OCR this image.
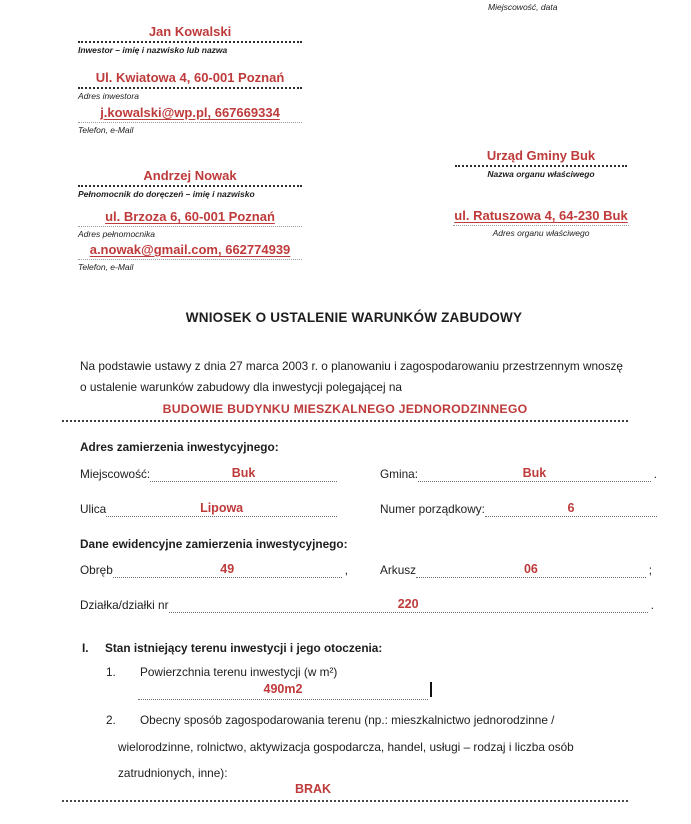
Miejscowość, data
Jan Kowalski
Inwestor – imię i nazwisko lub nazwa
Ul. Kwiatowa 4, 60-001 Poznań
Adres inwestora
j.kowalski@wp.pl, 667669334
Telefon, e-Mail
Urząd Gminy Buk
Nazwa organu właściwego
ul. Ratuszowa 4, 64-230 Buk
Adres organu właściwego
Andrzej Nowak
Pełnomocnik do doręczeń – imię i nazwisko
ul. Brzoza 6, 60-001 Poznań
Adres pełnomocnika
a.nowak@gmail.com, 662774939
Telefon, e-Mail
WNIOSEK O USTALENIE WARUNKÓW ZABUDOWY
Na podstawie ustawy z dnia 27 marca 2003 r. o planowaniu i zagospodarowaniu przestrzennym wnoszę o ustalenie warunków zabudowy dla inwestycji polegającej na
BUDOWIE BUDYNKU MIESZKALNEGO JEDNORODZINNEGO
Adres zamierzenia inwestycyjnego:
Miejscowość:	Buk	Gmina:	Buk	.
Ulica	Lipowa	Numer porządkowy:	6
Dane ewidencyjne zamierzenia inwestycyjnego:
Obręb	49	,	Arkusz	06	;
Działka/działki nr	220	.
I. Stan istniejący terenu inwestycji i jego otoczenia:
1. Powierzchnia terenu inwestycji (w m²)
490m2
2. Obecny sposób zagospodarowania terenu (np.: mieszkalnictwo jednorodzinne /
wielorodzinne, rolnictwo, aktywizacja gospodarcza, handel, usługi – rodzaj i liczba osób
zatrudnionych, inne):
BRAK
